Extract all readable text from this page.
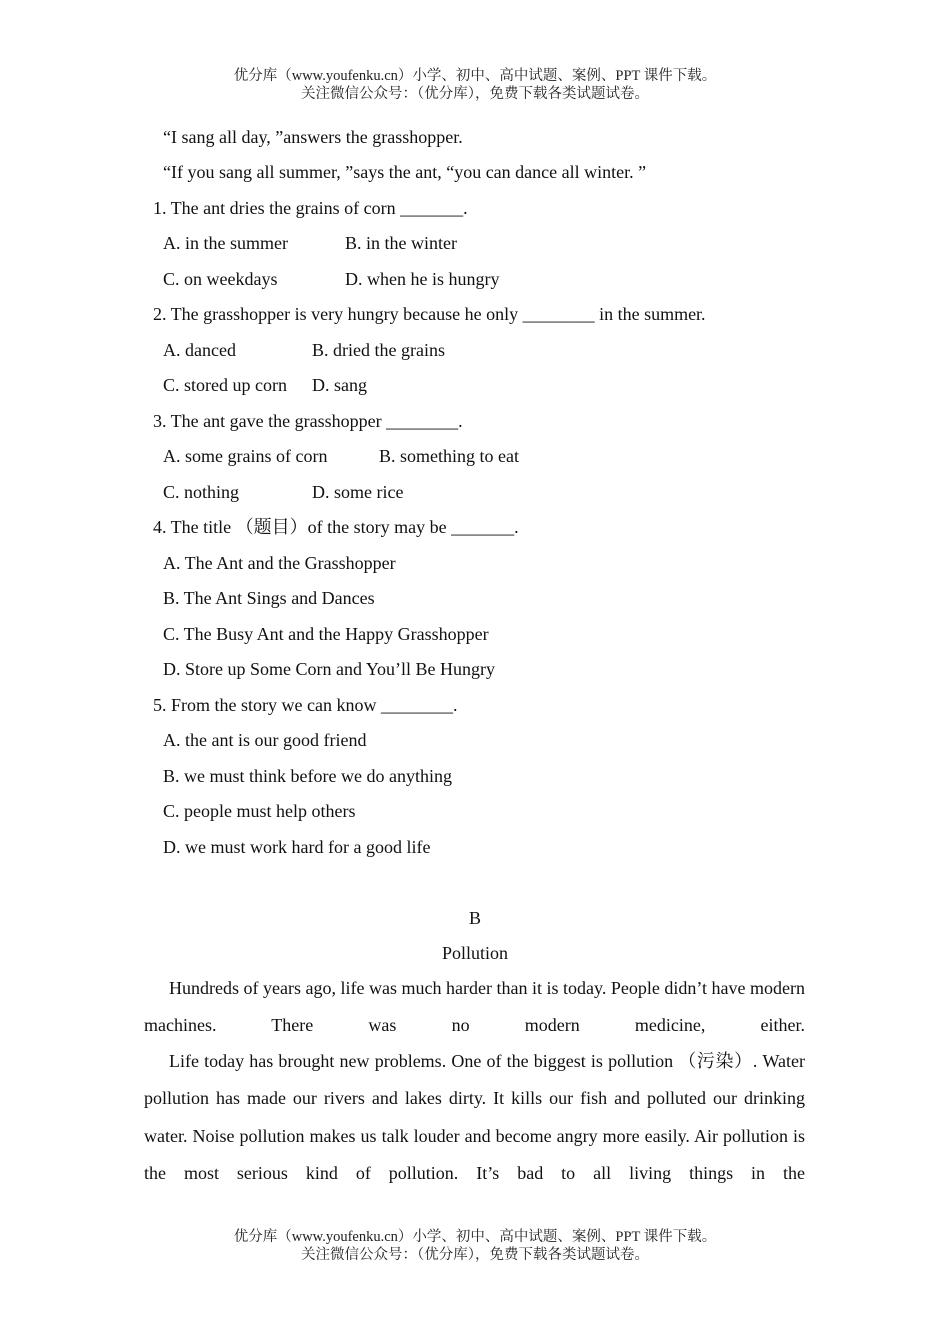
优分库（www.youfenku.cn）小学、初中、高中试题、案例、PPT 课件下载。
关注微信公众号：（优分库），免费下载各类试题试卷。
“I sang all day, ”answers the grasshopper.
“If you sang all summer, ”says the ant, “you can dance all winter. ”
1. The ant dries the grains of corn _______.
A. in the summer	B. in the winter
C. on weekdays	D. when he is hungry
2. The grasshopper is very hungry because he only ________ in the summer.
A. danced	B. dried the grains
C. stored up corn D. sang
3. The ant gave the grasshopper ________.
A. some grains of corn	B. something to eat
C. nothing	D. some rice
4. The title （题目）of the story may be _______.
A. The Ant and the Grasshopper
B. The Ant Sings and Dances
C. The Busy Ant and the Happy Grasshopper
D. Store up Some Corn and You’ll Be Hungry
5. From the story we can know ________.
A. the ant is our good friend
B. we must think before we do anything
C. people must help others
D. we must work hard for a good life
B
Pollution
Hundreds of years ago, life was much harder than it is today. People didn’t have modern machines. There was no modern medicine, either.
Life today has brought new problems. One of the biggest is pollution （污染）. Water pollution has made our rivers and lakes dirty. It kills our fish and polluted our drinking water. Noise pollution makes us talk louder and become angry more easily. Air pollution is the most serious kind of pollution. It’s bad to all living things in the
优分库（www.youfenku.cn）小学、初中、高中试题、案例、PPT 课件下载。
关注微信公众号：（优分库），免费下载各类试题试卷。
